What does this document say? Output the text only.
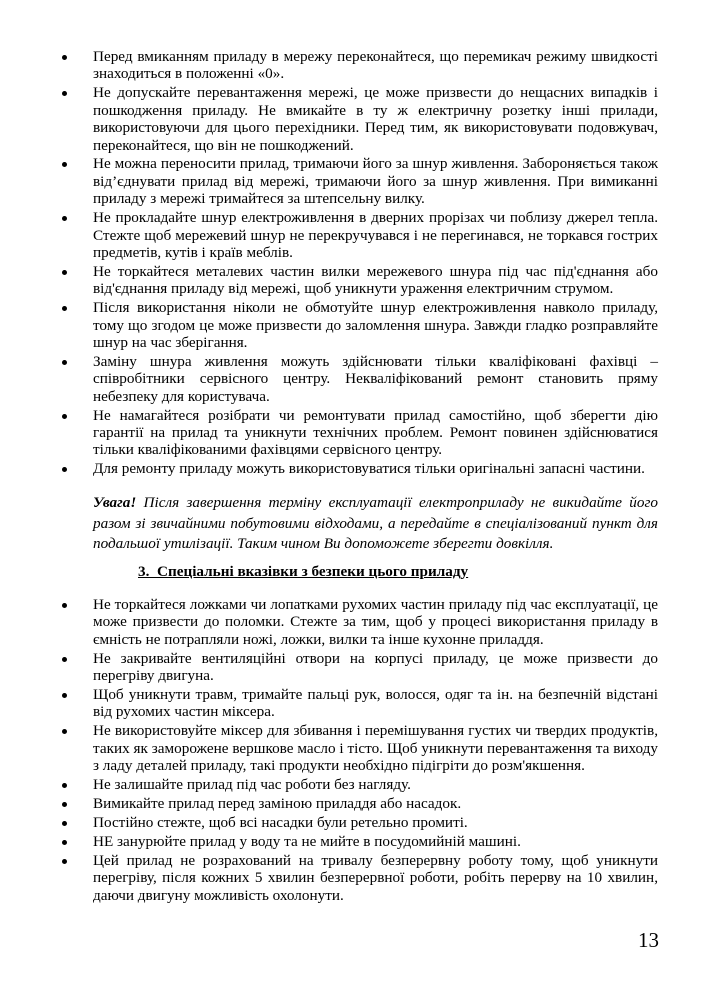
Перед вмиканням приладу в мережу переконайтеся, що перемикач режиму швидкості знаходиться в положенні «0».
Не допускайте перевантаження мережі, це може призвести до нещасних випадків і пошкодження приладу. Не вмикайте в ту ж електричну розетку інші прилади, використовуючи для цього перехідники. Перед тим, як використовувати подовжувач, переконайтеся, що він не пошкоджений.
Не можна переносити прилад, тримаючи його за шнур живлення. Забороняється також від’єднувати прилад від мережі, тримаючи його за шнур живлення. При вимиканні приладу з мережі тримайтеся за штепсельну вилку.
Не прокладайте шнур електроживлення в дверних прорізах чи поблизу джерел тепла. Стежте щоб мережевий шнур не перекручувався і не перегинався, не торкався гострих предметів, кутів і країв меблів.
Не торкайтеся металевих частин вилки мережевого шнура під час під'єднання або від'єднання приладу від мережі, щоб уникнути ураження електричним струмом.
Після використання ніколи не обмотуйте шнур електроживлення навколо приладу, тому що згодом це може призвести до заломлення шнура. Завжди гладко розправляйте шнур на час зберігання.
Заміну шнура живлення можуть здійснювати тільки кваліфіковані фахівці – співробітники сервісного центру. Некваліфікований ремонт становить пряму небезпеку для користувача.
Не намагайтеся розібрати чи ремонтувати прилад самостійно, щоб зберегти дію гарантії на прилад та уникнути технічних проблем. Ремонт повинен здійснюватися тільки кваліфікованими фахівцями сервісного центру.
Для ремонту приладу можуть використовуватися тільки оригінальні запасні частини.

Увага! Після завершення терміну експлуатації електроприладу не викидайте його разом зі звичайними побутовими відходами, а передайте в спеціалізований пункт для подальшої утилізації. Таким чином Ви допоможете зберегти довкілля.

3.  Спеціальні вказівки з безпеки цього приладу
Не торкайтеся ложками чи лопатками рухомих частин приладу під час експлуатації, це може призвести до поломки. Стежте за тим, щоб у процесі використання приладу в ємність не потрапляли ножі, ложки, вилки та інше кухонне приладдя.
Не закривайте вентиляційні отвори на корпусі приладу, це може призвести до перегріву двигуна.
Щоб уникнути травм, тримайте пальці рук, волосся, одяг та ін. на безпечній відстані від рухомих частин міксера.
Не використовуйте міксер для збивання і перемішування густих чи твердих продуктів, таких як заморожене вершкове масло і тісто. Щоб уникнути перевантаження та виходу з ладу деталей приладу, такі продукти необхідно підігріти до розм'якшення.
Не залишайте прилад під час роботи без нагляду.
Вимикайте прилад перед заміною приладдя або насадок.
Постійно стежте, щоб всі насадки були ретельно промиті.
НЕ занурюйте прилад у воду та не мийте в посудомийній машині.
Цей прилад не розрахований на тривалу безперервну роботу тому, щоб уникнути перегріву, після кожних 5 хвилин безперервної роботи, робіть перерву на 10 хвилин, даючи двигуну можливість охолонути.
13
